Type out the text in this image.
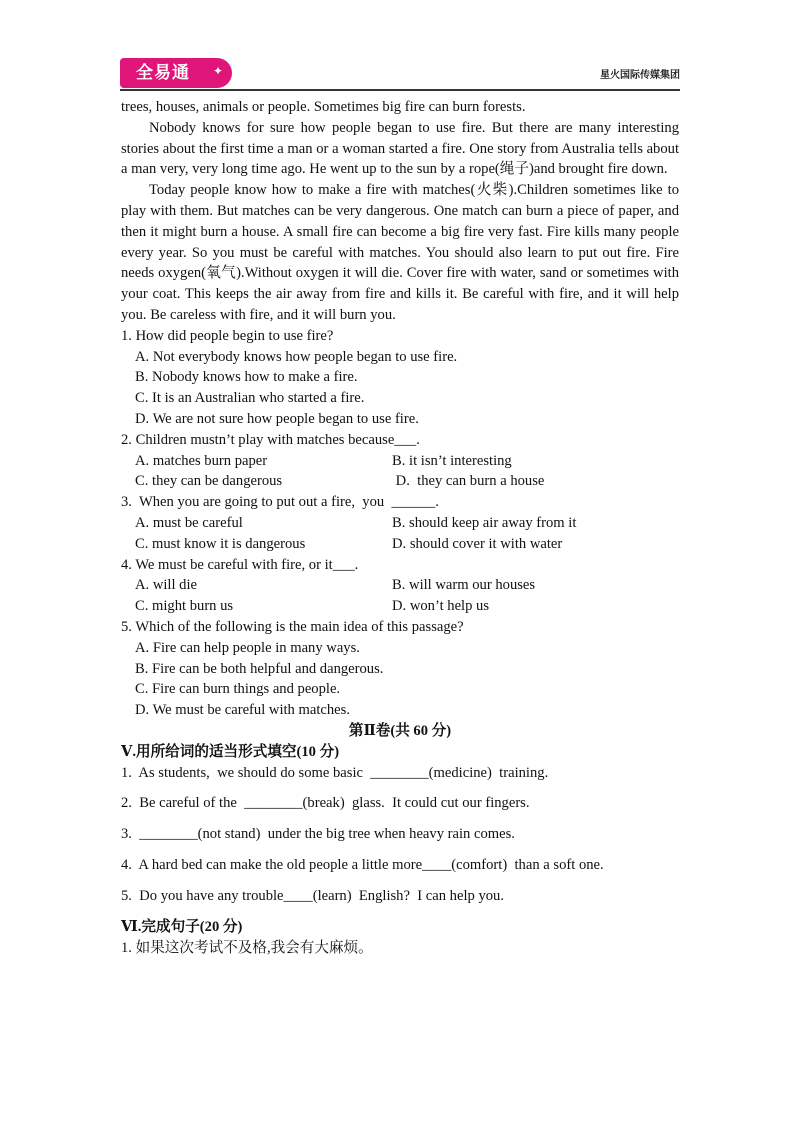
全易通 ✦	星火国际传媒集团

trees, houses, animals or people. Sometimes big fire can burn forests.

Nobody knows for sure how people began to use fire. But there are many interesting stories about the first time a man or a woman started a fire. One story from Australia tells about a man very, very long time ago. He went up to the sun by a rope(绳子)and brought fire down.

Today people know how to make a fire with matches(火柴).Children sometimes like to play with them. But matches can be very dangerous. One match can burn a piece of paper, and then it might burn a house. A small fire can become a big fire very fast. Fire kills many people every year. So you must be careful with matches. You should also learn to put out fire. Fire needs oxygen(氧气).Without oxygen it will die. Cover fire with water, sand or sometimes with your coat. This keeps the air away from fire and kills it. Be careful with fire, and it will help you. Be careless with fire, and it will burn you.

1. How did people begin to use fire?

A. Not everybody knows how people began to use fire.

B. Nobody knows how to make a fire.

C. It is an Australian who started a fire.

D. We are not sure how people began to use fire.

2. Children mustn’t play with matches because___.

A. matches burn paper	B. it isn’t interesting
C. they can be dangerous	D.  they can burn a house

3.  When you are going to put out a fire,  you  ______.

A. must be careful	B. should keep air away from it
C. must know it is dangerous	D. should cover it with water

4. We must be careful with fire, or it___.

A. will die	B. will warm our houses
C. might burn us	D. won’t help us

5. Which of the following is the main idea of this passage?

A. Fire can help people in many ways.

B. Fire can be both helpful and dangerous.

C. Fire can burn things and people.

D. We must be careful with matches.

第Ⅱ卷(共 60 分)

Ⅴ.用所给词的适当形式填空(10 分)

1.  As students,  we should do some basic  ________(medicine)  training.

2.  Be careful of the  ________(break)  glass.  It could cut our fingers.

3.  ________(not stand)  under the big tree when heavy rain comes.

4.  A hard bed can make the old people a little more____(comfort)  than a soft one.

5.  Do you have any trouble____(learn)  English?  I can help you.

Ⅵ.完成句子(20 分)

1. 如果这次考试不及格,我会有大麻烦。
